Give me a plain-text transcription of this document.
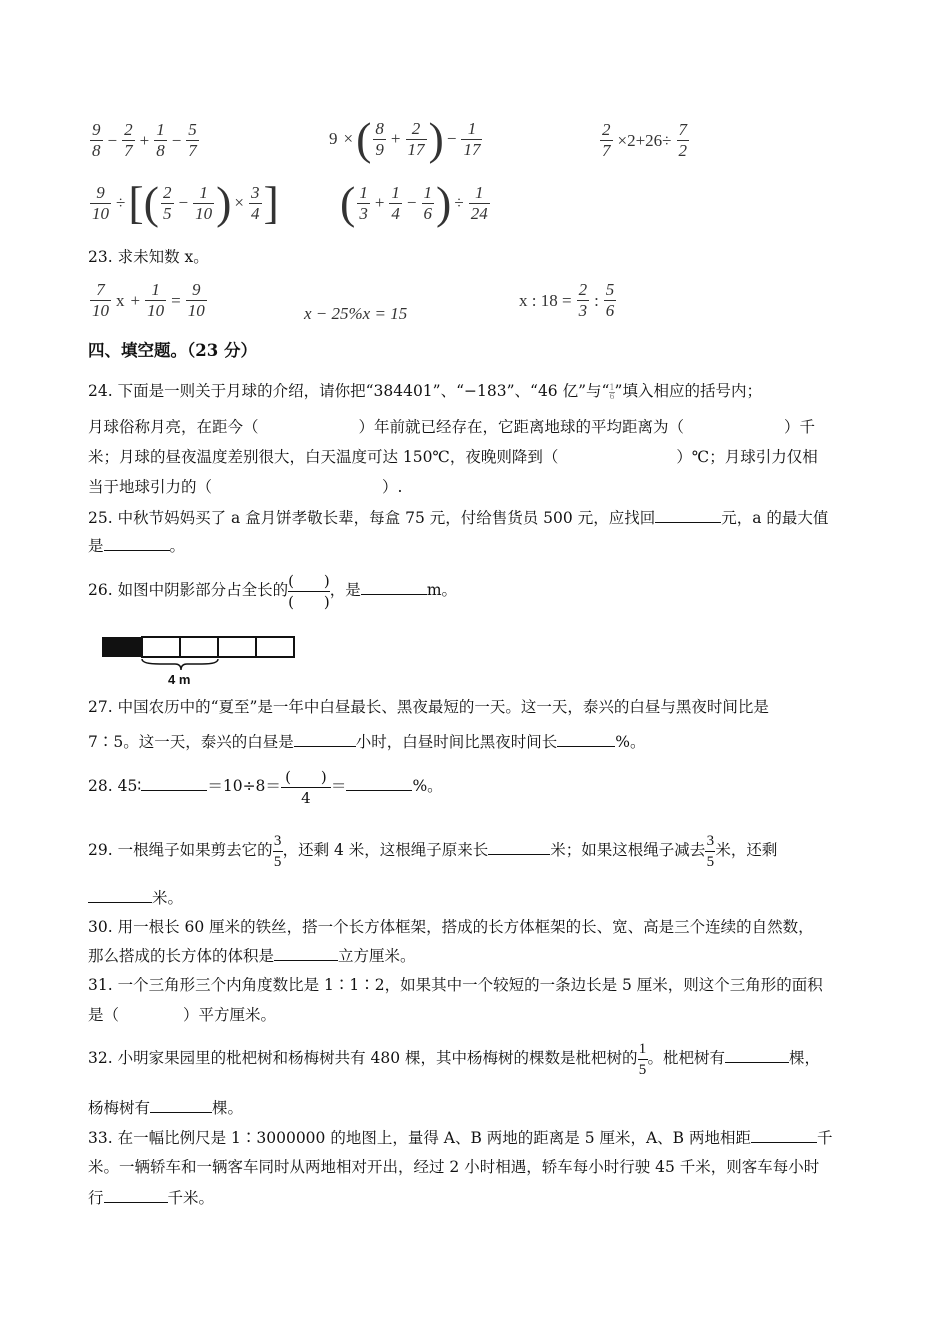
$\frac{9}{8} - \frac{2}{7} + \frac{1}{8} - \frac{5}{7}$	9 ×( $\frac{8}{9} + \frac{2}{17}$ ) − $\frac{1}{17}$	$\frac{2}{7} \times 2+26\div \frac{7}{2}$
$\frac{9}{10}$ ÷[( $\frac{2}{5} - \frac{1}{10}$ ) × $\frac{3}{4}$ ] ( $\frac{1}{3} + \frac{1}{4} - \frac{1}{6}$ ) ÷ $\frac{1}{24}$
23. 求未知数 x。
$\frac{7}{10}$ $x + \frac{1}{10} = \frac{9}{10}$	x − 25%x = 15
x : $18 = \frac{2}{3}$ : $\frac{5}{6}$
四、填空题。（23 分）
24. 下面是一则关于月球的介绍，请你把“384401”、“−183”、“46 亿”与“ $\frac{1}{6}$”填入相应的括号内；
月球俗称月亮，在距今（	）年前就已经存在，它距离地球的平均距离为（	）千
米；月球的昼夜温度差别很大，白天温度可达 150℃，夜晚则降到（	）℃；月球引力仅相
当于地球引力的（	）.
25. 中秋节妈妈买了 a 盒月饼孝敬长辈，每盒 75 元，付给售货员 500 元，应找回	元，a 的最大值
是	。
26. 如图中阴影部分占全长的
(　　)
(　　)
，是	m。
4 m
27. 中国农历中的“夏至”是一年中白昼最长、黑夜最短的一天。这一天，泰兴的白昼与黑夜时间比是
7∶5。这一天，泰兴的白昼是	小时，白昼时间比黑夜时间长	%。
28. 45∶	＝10÷8＝
(　　)
4
＝	%。
29. 一根绳子如果剪去它的 $\frac{3}{5}$ ，还剩 4 米，这根绳子原来长	米；如果这根绳子减去 $\frac{3}{5}$ 米，还剩
米。
30. 用一根长 60 厘米的铁丝，搭一个长方体框架，搭成的长方体框架的长、宽、高是三个连续的自然数，
那么搭成的长方体的体积是	立方厘米。
31. 一个三角形三个内角度数比是 1∶1∶2，如果其中一个较短的一条边长是 5 厘米，则这个三角形的面积
是（	）平方厘米。
32. 小明家果园里的枇杷树和杨梅树共有 480 棵，其中杨梅树的棵数是枇杷树的 $\frac{1}{5}$ 。枇杷树有	棵，
杨梅树有	棵。
33. 在一幅比例尺是 1∶3000000 的地图上，量得 A、B 两地的距离是 5 厘米，A、B 两地相距	千
米。一辆轿车和一辆客车同时从两地相对开出，经过 2 小时相遇，轿车每小时行驶 45 千米，则客车每小时
行	千米。
